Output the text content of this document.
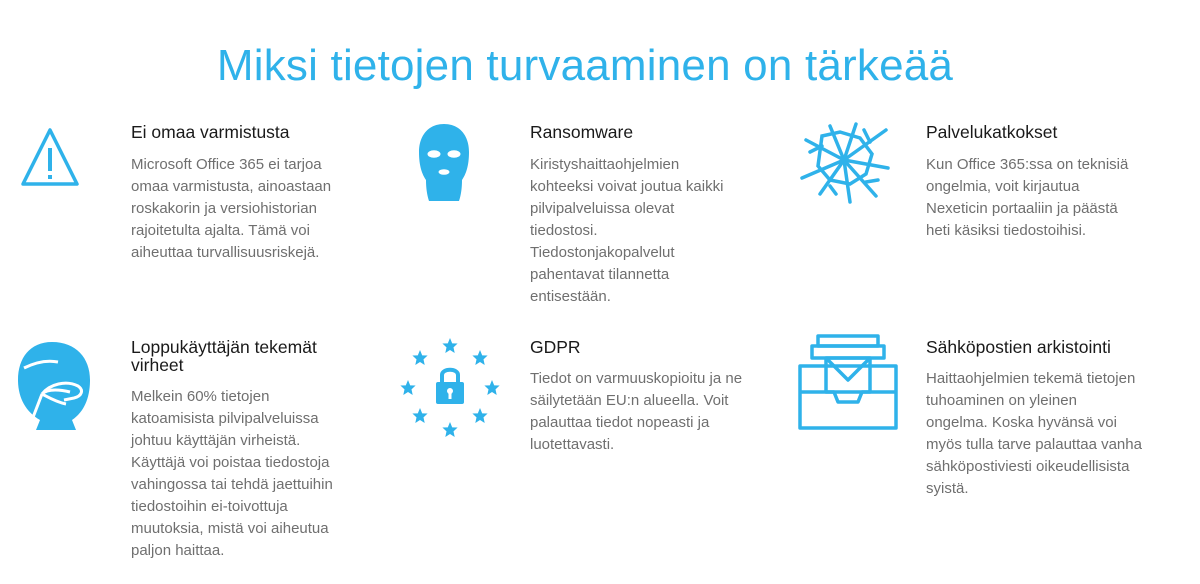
Miksi tietojen turvaaminen on tärkeää
Ei omaa varmistusta

Microsoft Office 365 ei tarjoa
omaa varmistusta, ainoastaan
roskakorin ja versiohistorian
rajoitetulta ajalta. Tämä voi
aiheuttaa turvallisuusriskejä.

Ransomware

Kiristyshaittaohjelmien
kohteeksi voivat joutua kaikki
pilvipalveluissa olevat
tiedostosi.
Tiedostonjakopalvelut
pahentavat tilannetta
entisestään.

Palvelukatkokset

Kun Office 365:ssa on teknisiä
ongelmia, voit kirjautua
Nexeticin portaaliin ja päästä
heti käsiksi tiedostoihisi.

Loppukäyttäjän tekemät
virheet

Melkein 60% tietojen
katoamisista pilvipalveluissa
johtuu käyttäjän virheistä.
Käyttäjä voi poistaa tiedostoja
vahingossa tai tehdä jaettuihin
tiedostoihin ei-toivottuja
muutoksia, mistä voi aiheutua
paljon haittaa.

GDPR

Tiedot on varmuuskopioitu ja ne
säilytetään EU:n alueella. Voit
palauttaa tiedot nopeasti ja
luotettavasti.

Sähköpostien arkistointi

Haittaohjelmien tekemä tietojen
tuhoaminen on yleinen
ongelma. Koska hyvänsä voi
myös tulla tarve palauttaa vanha
sähköpostiviesti oikeudellisista
syistä.
